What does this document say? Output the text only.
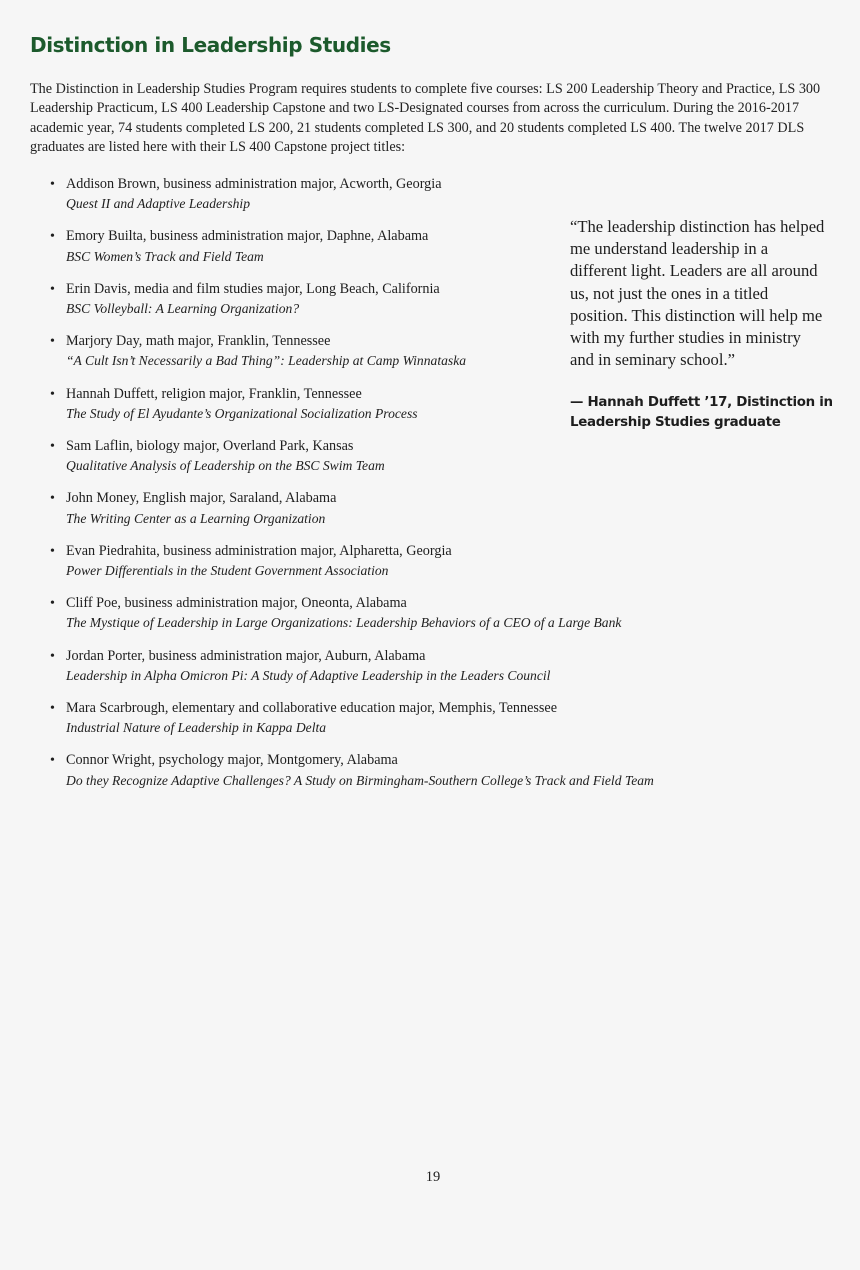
Distinction in Leadership Studies

The Distinction in Leadership Studies Program requires students to complete five courses: LS 200 Leadership Theory and Practice, LS 300 Leadership Practicum, LS 400 Leadership Capstone and two LS-Designated courses from across the curriculum. During the 2016-2017 academic year, 74 students completed LS 200, 21 students completed LS 300, and 20 students completed LS 400. The twelve 2017 DLS graduates are listed here with their LS 400 Capstone project titles:

• Addison Brown, business administration major, Acworth, Georgia
Quest II and Adaptive Leadership
• Emory Builta, business administration major, Daphne, Alabama
BSC Women’s Track and Field Team
• Erin Davis, media and film studies major, Long Beach, California
BSC Volleyball: A Learning Organization?
• Marjory Day, math major, Franklin, Tennessee
“A Cult Isn’t Necessarily a Bad Thing”: Leadership at Camp Winnataska
• Hannah Duffett, religion major, Franklin, Tennessee
The Study of El Ayudante’s Organizational Socialization Process
• Sam Laflin, biology major, Overland Park, Kansas
Qualitative Analysis of Leadership on the BSC Swim Team
• John Money, English major, Saraland, Alabama
The Writing Center as a Learning Organization
• Evan Piedrahita, business administration major, Alpharetta, Georgia
Power Differentials in the Student Government Association
• Cliff Poe, business administration major, Oneonta, Alabama
The Mystique of Leadership in Large Organizations: Leadership Behaviors of a CEO of a Large Bank
• Jordan Porter, business administration major, Auburn, Alabama
Leadership in Alpha Omicron Pi: A Study of Adaptive Leadership in the Leaders Council
• Mara Scarbrough, elementary and collaborative education major, Memphis, Tennessee
Industrial Nature of Leadership in Kappa Delta
• Connor Wright, psychology major, Montgomery, Alabama
Do they Recognize Adaptive Challenges? A Study on Birmingham-Southern College’s Track and Field Team

“The leadership distinction has helped me understand leadership in a different light. Leaders are all around us, not just the ones in a titled position. This distinction will help me with my further studies in ministry and in seminary school.”

— Hannah Duffett ’17, Distinction in Leadership Studies graduate

19
